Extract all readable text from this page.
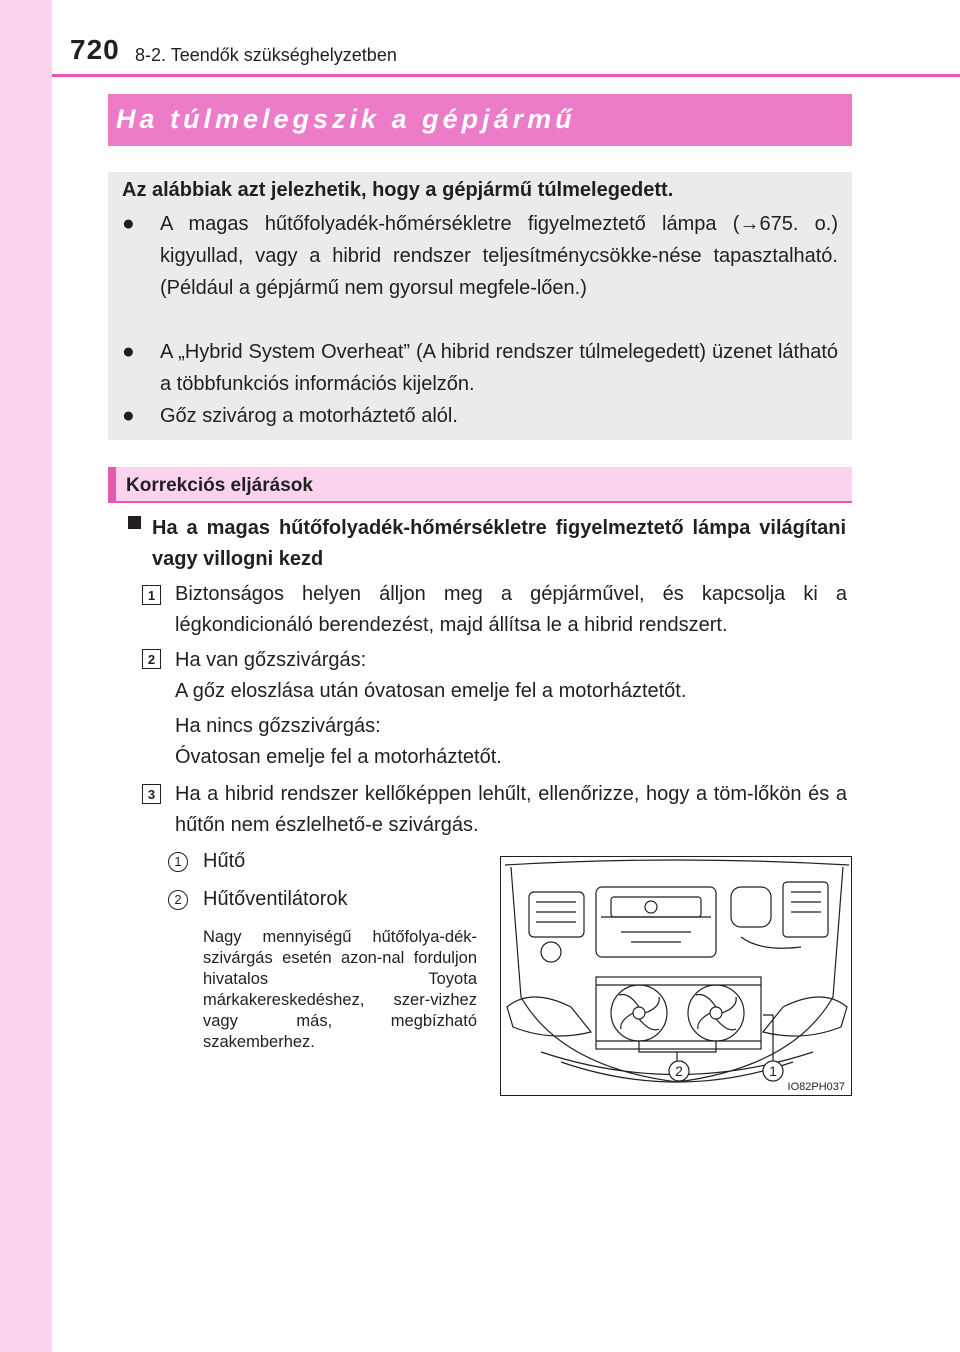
720 8-2. Teendők szükséghelyzetben
Ha túlmelegszik a gépjármű
Az alábbiak azt jelezhetik, hogy a gépjármű túlmelegedett.
● A magas hűtőfolyadék-hőmérsékletre figyelmeztető lámpa (→675. o.) kigyullad, vagy a hibrid rendszer teljesítménycsökke-nése tapasztalható. (Például a gépjármű nem gyorsul megfele-lően.)
● A „Hybrid System Overheat” (A hibrid rendszer túlmelegedett) üzenet látható a többfunkciós információs kijelzőn.
● Gőz szivárog a motorháztető alól.
Korrekciós eljárások
Ha a magas hűtőfolyadék-hőmérsékletre figyelmeztető lámpa világítani vagy villogni kezd
1 Biztonságos helyen álljon meg a gépjárművel, és kapcsolja ki a légkondicionáló berendezést, majd állítsa le a hibrid rendszert.
2 Ha van gőzszivárgás:
A gőz eloszlása után óvatosan emelje fel a motorháztetőt.
Ha nincs gőzszivárgás:
Óvatosan emelje fel a motorháztetőt.
3 Ha a hibrid rendszer kellőképpen lehűlt, ellenőrizze, hogy a töm-lőkön és a hűtőn nem észlelhető-e szivárgás.
1	Hűtő
2	Hűtőventilátorok
Nagy mennyiségű hűtőfolya-dék-szivárgás esetén azon-nal forduljon hivatalos Toyota márkakereskedéshez, szer-vizhez vagy más, megbízható szakemberhez.
2	1
IO82PH037
